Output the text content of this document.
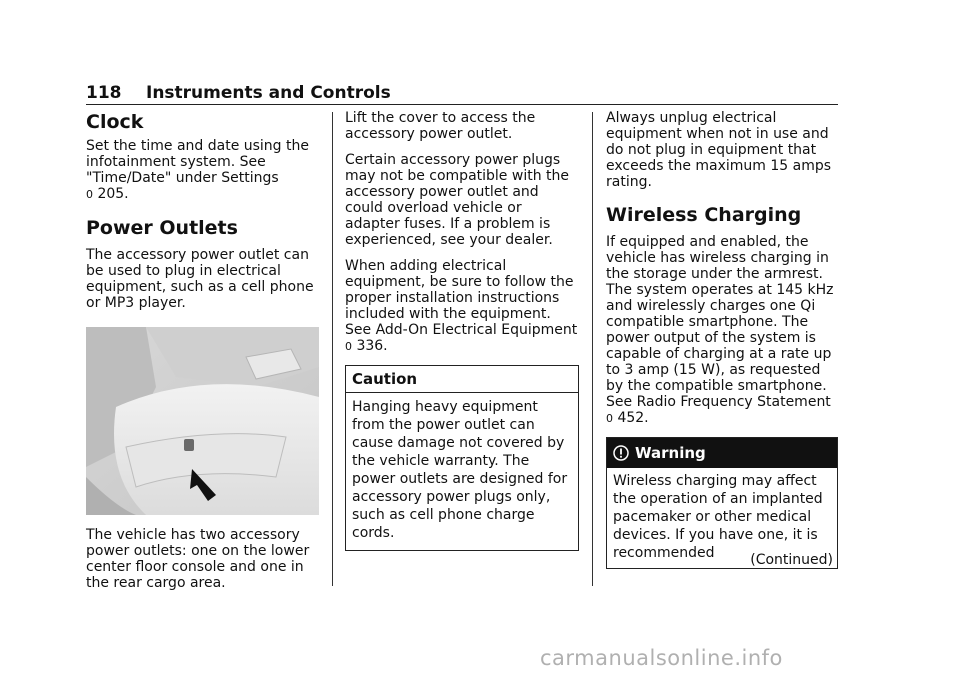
118 Instruments and Controls
Clock

Set the time and date using the infotainment system. See "Time/Date" under Settings
0 205.

Power Outlets

The accessory power outlet can be used to plug in electrical equipment, such as a cell phone or MP3 player.

The vehicle has two accessory power outlets: one on the lower center floor console and one in the rear cargo area.

Lift the cover to access the accessory power outlet.

Certain accessory power plugs may not be compatible with the accessory power outlet and could overload vehicle or adapter fuses. If a problem is experienced, see your dealer.

When adding electrical equipment, be sure to follow the proper installation instructions included with the equipment. See Add-On Electrical Equipment 0 336.

Caution
Hanging heavy equipment from the power outlet can cause damage not covered by the vehicle warranty. The power outlets are designed for accessory power plugs only, such as cell phone charge cords.

Always unplug electrical equipment when not in use and do not plug in equipment that exceeds the maximum 15 amps rating.

Wireless Charging

If equipped and enabled, the vehicle has wireless charging in the storage under the armrest. The system operates at 145 kHz and wirelessly charges one Qi compatible smartphone. The power output of the system is capable of charging at a rate up to 3 amp (15 W), as requested by the compatible smartphone. See Radio Frequency Statement 0 452.

Warning
Wireless charging may affect the operation of an implanted pacemaker or other medical devices. If you have one, it is recommended	(Continued)
carmanualsonline.info
